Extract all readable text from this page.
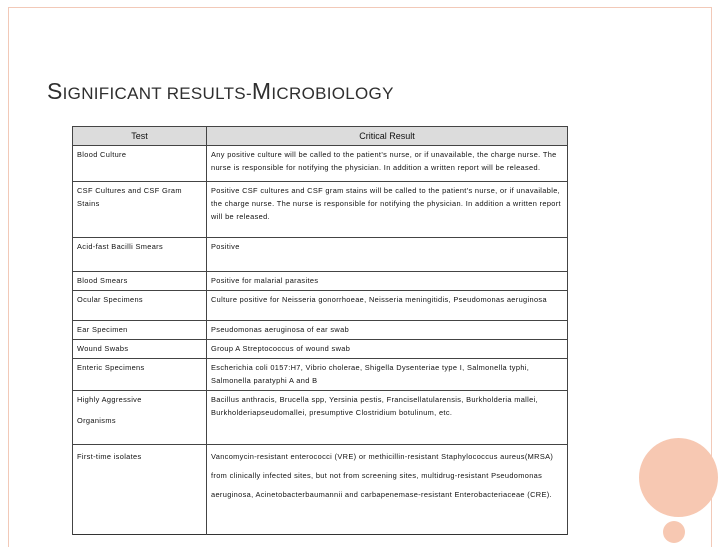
SIGNIFICANT RESULTS-MICROBIOLOGY
Test	Critical Result
Blood Culture	Any positive culture will be called to the patient's nurse, or if unavailable, the charge nurse. The nurse is responsible for notifying the physician. In addition a written report will be released.
CSF Cultures and CSF Gram Stains	Positive CSF cultures and CSF gram stains will be called to the patient's nurse, or if unavailable, the charge nurse. The nurse is responsible for notifying the physician. In addition a written report will be released.
Acid-fast Bacilli Smears	Positive
Blood Smears	Positive for malarial parasites
Ocular Specimens	Culture positive for Neisseria gonorrhoeae, Neisseria meningitidis, Pseudomonas aeruginosa
Ear Specimen	Pseudomonas aeruginosa of ear swab
Wound Swabs	Group A Streptococcus of wound swab
Enteric Specimens	Escherichia coli 0157:H7, Vibrio cholerae, Shigella Dysenteriae type I, Salmonella typhi, Salmonella paratyphi A and B
Highly Aggressive
Organisms	Bacillus anthracis, Brucella spp, Yersinia pestis, Francisellatularensis, Burkholderia mallei, Burkholderiapseudomallei, presumptive Clostridium botulinum, etc.
First-time isolates	Vancomycin-resistant enterococci (VRE) or methicillin-resistant Staphylococcus aureus(MRSA) from clinically infected sites, but not from screening sites, multidrug-resistant Pseudomonas aeruginosa, Acinetobacterbaumannii and carbapenemase-resistant Enterobacteriaceae (CRE).
